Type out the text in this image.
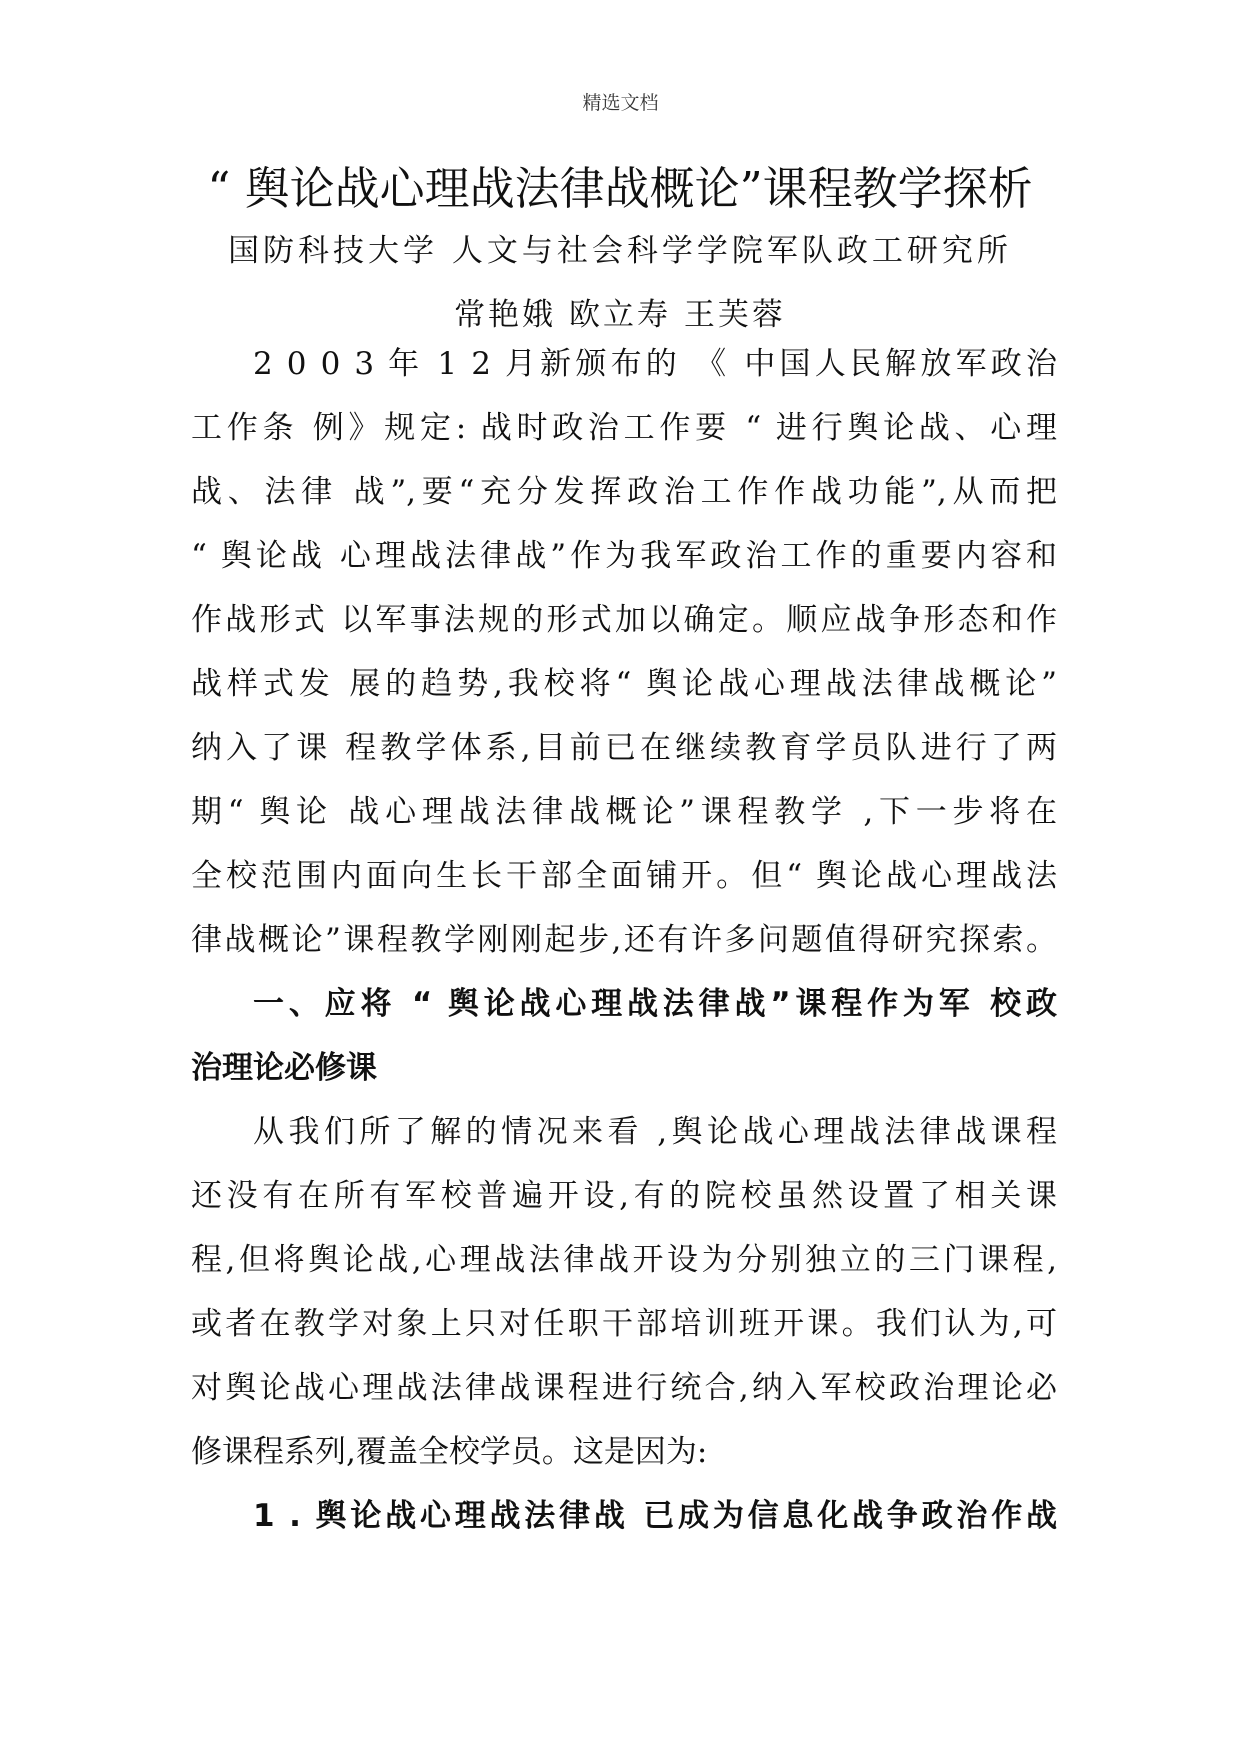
精选文档
“ 舆论战心理战法律战概论”课程教学探析
国防科技大学 人文与社会科学学院军队政工研究所
常艳娥 欧立寿 王芙蓉
2 0 0 3 年 1 2 月新颁布的 《 中国人民解放军政治
工作条 例》规定: 战时政治工作要 “ 进行舆论战、心理
战、法律 战”,要“充分发挥政治工作作战功能”,从而把
“ 舆论战 心理战法律战”作为我军政治工作的重要内容和
作战形式 以军事法规的形式加以确定。顺应战争形态和作
战样式发 展的趋势,我校将“ 舆论战心理战法律战概论”
纳入了课 程教学体系,目前已在继续教育学员队进行了两
期“ 舆论 战心理战法律战概论”课程教学 ,下一步将在
全校范围内面向生长干部全面铺开。但“ 舆论战心理战法
律战概论”课程教学刚刚起步,还有许多问题值得研究探索。
一、应将 “ 舆论战心理战法律战”课程作为军 校政
治理论必修课
从我们所了解的情况来看 ,舆论战心理战法律战课程
还没有在所有军校普遍开设,有的院校虽然设置了相关课
程,但将舆论战,心理战法律战开设为分别独立的三门课程,
或者在教学对象上只对任职干部培训班开课。我们认为,可
对舆论战心理战法律战课程进行统合,纳入军校政治理论必
修课程系列,覆盖全校学员。这是因为:
1 . 舆论战心理战法律战 已成为信息化战争政治作战
